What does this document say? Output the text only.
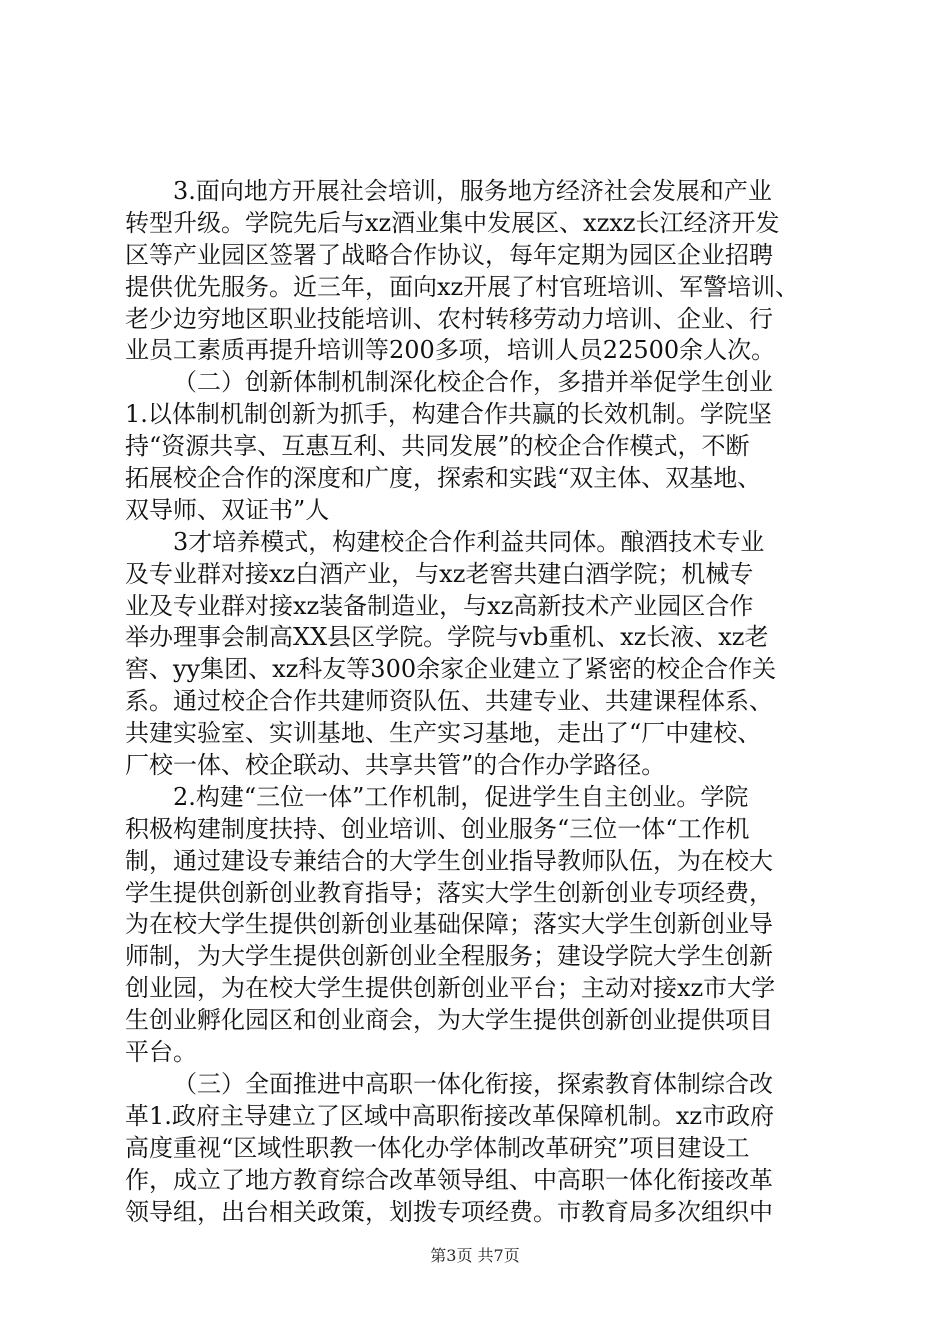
3.面向地方开展社会培训，服务地方经济社会发展和产业
转型升级。学院先后与xz酒业集中发展区、xzxz长江经济开发
区等产业园区签署了战略合作协议，每年定期为园区企业招聘
提供优先服务。近三年，面向xz开展了村官班培训、军警培训、
老少边穷地区职业技能培训、农村转移劳动力培训、企业、行
业员工素质再提升培训等200多项，培训人员22500余人次。
（二）创新体制机制深化校企合作，多措并举促学生创业
1.以体制机制创新为抓手，构建合作共赢的长效机制。学院坚
持“资源共享、互惠互利、共同发展”的校企合作模式，不断
拓展校企合作的深度和广度，探索和实践“双主体、双基地、
双导师、双证书”人
3才培养模式，构建校企合作利益共同体。酿酒技术专业
及专业群对接xz白酒产业，与xz老窖共建白酒学院；机械专
业及专业群对接xz装备制造业，与xz高新技术产业园区合作
举办理事会制高XX县区学院。学院与vb重机、xz长液、xz老
窖、yy集团、xz科友等300余家企业建立了紧密的校企合作关
系。通过校企合作共建师资队伍、共建专业、共建课程体系、
共建实验室、实训基地、生产实习基地，走出了“厂中建校、
厂校一体、校企联动、共享共管”的合作办学路径。
2.构建“三位一体”工作机制，促进学生自主创业。学院
积极构建制度扶持、创业培训、创业服务“三位一体“工作机
制，通过建设专兼结合的大学生创业指导教师队伍，为在校大
学生提供创新创业教育指导；落实大学生创新创业专项经费，
为在校大学生提供创新创业基础保障；落实大学生创新创业导
师制，为大学生提供创新创业全程服务；建设学院大学生创新
创业园，为在校大学生提供创新创业平台；主动对接xz市大学
生创业孵化园区和创业商会，为大学生提供创新创业提供项目
平台。
（三）全面推进中高职一体化衔接，探索教育体制综合改
革1.政府主导建立了区域中高职衔接改革保障机制。xz市政府
高度重视“区域性职教一体化办学体制改革研究”项目建设工
作，成立了地方教育综合改革领导组、中高职一体化衔接改革
领导组，出台相关政策，划拨专项经费。市教育局多次组织中
第3页 共7页
